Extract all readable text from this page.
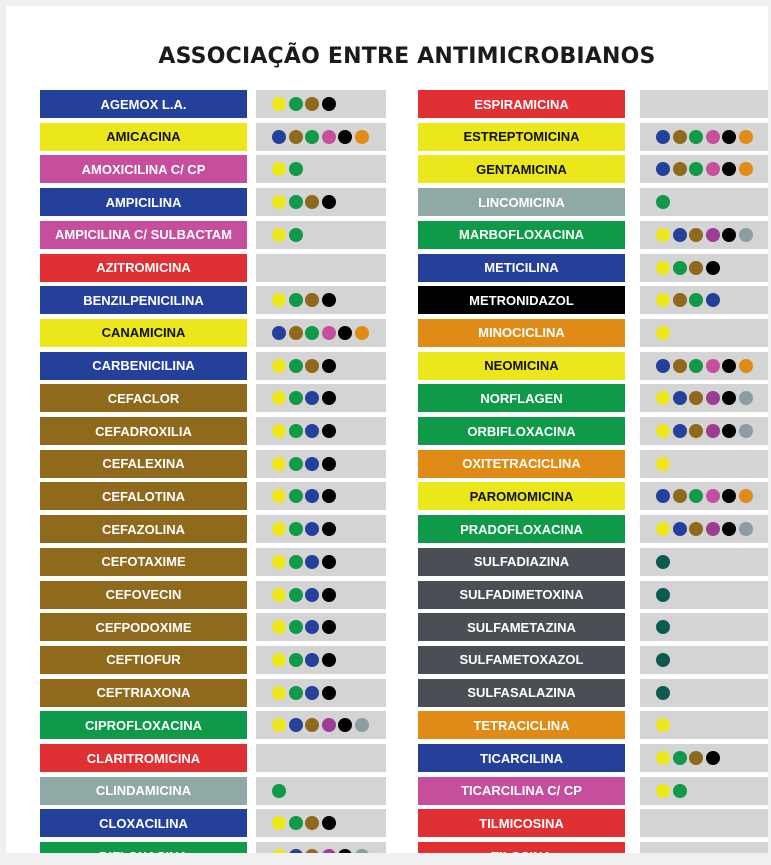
ASSOCIAÇÃO ENTRE ANTIMICROBIANOS
AGEMOX L.A.
AMICACINA
AMOXICILINA C/ CP
AMPICILINA
AMPICILINA C/ SULBACTAM
AZITROMICINA
BENZILPENICILINA
CANAMICINA
CARBENICILINA
CEFACLOR
CEFADROXILIA
CEFALEXINA
CEFALOTINA
CEFAZOLINA
CEFOTAXIME
CEFOVECIN
CEFPODOXIME
CEFTIOFUR
CEFTRIAXONA
CIPROFLOXACINA
CLARITROMICINA
CLINDAMICINA
CLOXACILINA
ESPIRAMICINA
ESTREPTOMICINA
GENTAMICINA
LINCOMICINA
MARBOFLOXACINA
METICILINA
METRONIDAZOL
MINOCICLINA
NEOMICINA
NORFLAGEN
ORBIFLOXACINA
OXITETRACICLINA
PAROMOMICINA
PRADOFLOXACINA
SULFADIAZINA
SULFADIMETOXINA
SULFAMETAZINA
SULFAMETOXAZOL
SULFASALAZINA
TETRACICLINA
TICARCILINA
TICARCILINA C/ CP
TILMICOSINA
